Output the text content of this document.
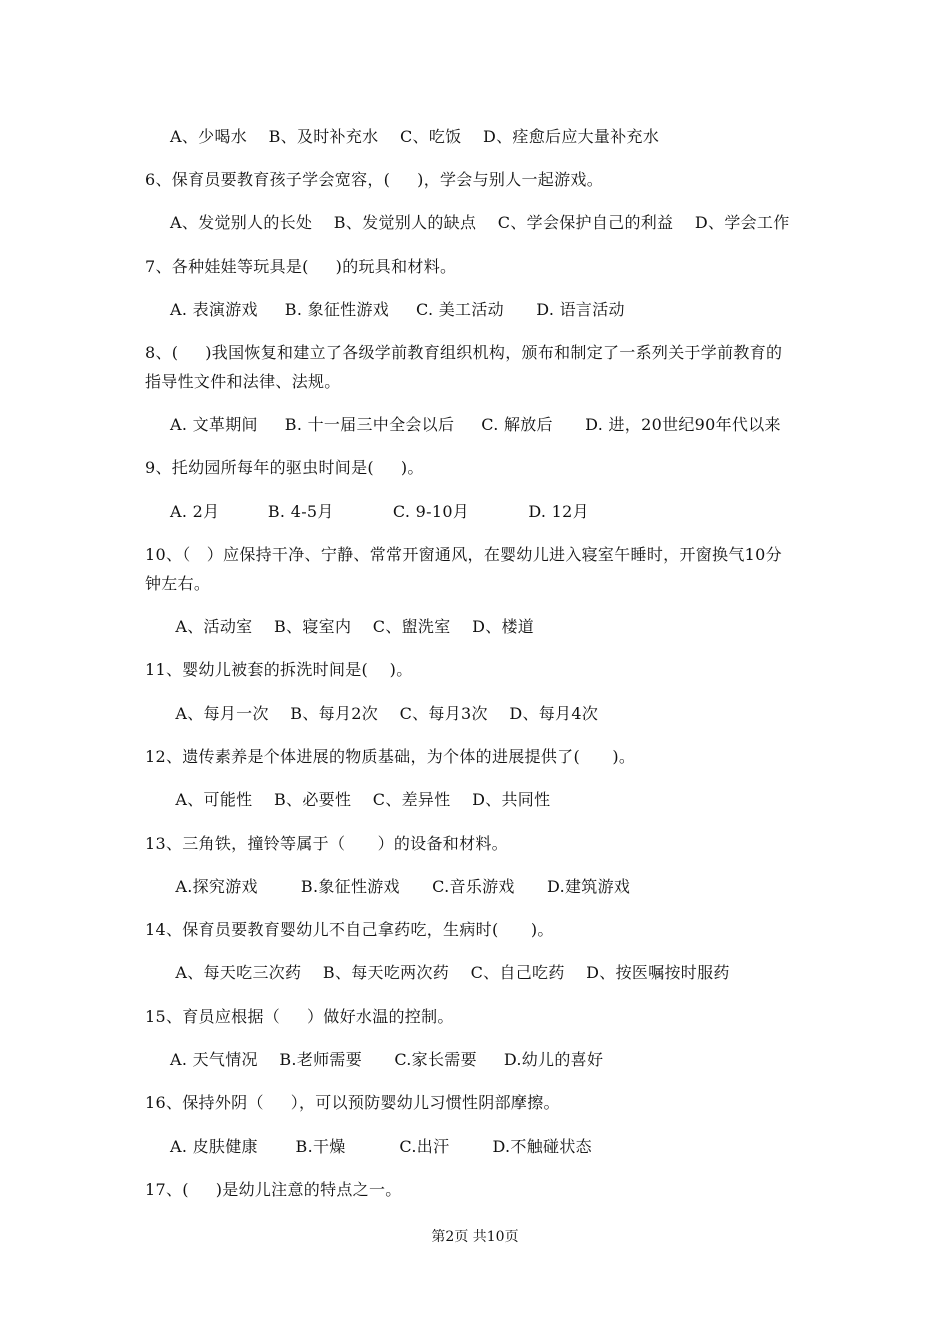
A、少喝水    B、及时补充水    C、吃饭    D、痊愈后应大量补充水
6、保育员要教育孩子学会宽容，(     )，学会与别人一起游戏。
A、发觉别人的长处    B、发觉别人的缺点    C、学会保护自己的利益    D、学会工作
7、各种娃娃等玩具是(     )的玩具和材料。
A. 表演游戏     B. 象征性游戏     C. 美工活动      D. 语言活动
8、(     )我国恢复和建立了各级学前教育组织机构，颁布和制定了一系列关于学前教育的
指导性文件和法律、法规。
A. 文革期间     B. 十一届三中全会以后     C. 解放后      D. 进，20世纪90年代以来
9、托幼园所每年的驱虫时间是(     )。
A. 2月         B. 4-5月           C. 9-10月           D. 12月
10、（   ）应保持干净、宁静、常常开窗通风，在婴幼儿进入寝室午睡时，开窗换气10分
钟左右。
A、活动室    B、寝室内    C、盥洗室    D、楼道
11、婴幼儿被套的拆洗时间是(    )。
A、每月一次    B、每月2次    C、每月3次    D、每月4次
12、遗传素养是个体进展的物质基础，为个体的进展提供了(      )。
A、可能性    B、必要性    C、差异性    D、共同性
13、三角铁，撞铃等属于（      ）的设备和材料。
A.探究游戏        B.象征性游戏      C.音乐游戏      D.建筑游戏
14、保育员要教育婴幼儿不自己拿药吃，生病时(      )。
A、每天吃三次药    B、每天吃两次药    C、自己吃药    D、按医嘱按时服药
15、育员应根据（     ）做好水温的控制。
A. 天气情况    B.老师需要      C.家长需要     D.幼儿的喜好
16、保持外阴（     ），可以预防婴幼儿习惯性阴部摩擦。
A. 皮肤健康       B.干燥          C.出汗        D.不触碰状态
17、(     )是幼儿注意的特点之一。
第2页 共10页
